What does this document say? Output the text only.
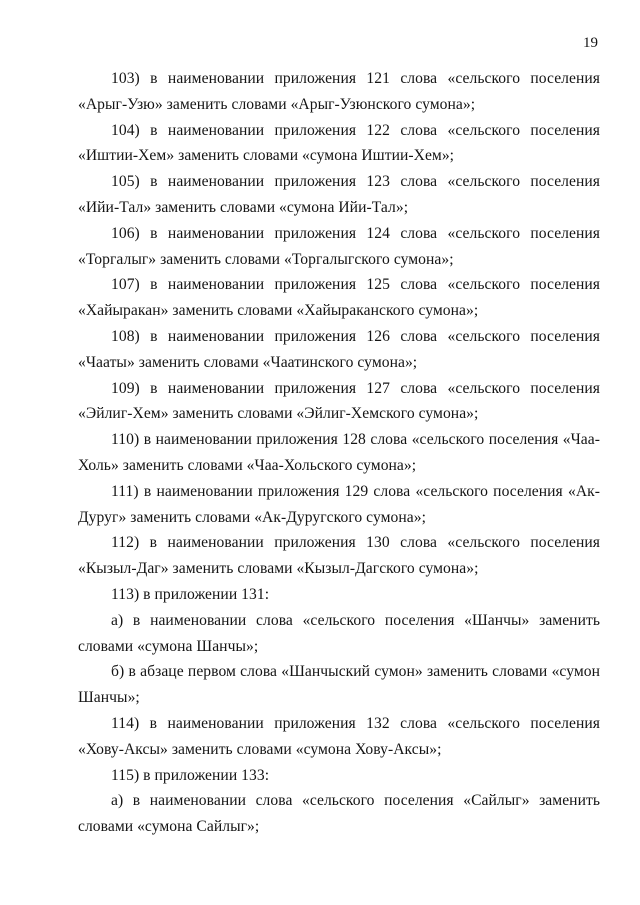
19

103) в наименовании приложения 121 слова «сельского поселения «Арыг-Узю» заменить словами «Арыг-Узюнского сумона»;

104) в наименовании приложения 122 слова «сельского поселения «Иштии-Хем» заменить словами «сумона Иштии-Хем»;

105) в наименовании приложения 123 слова «сельского поселения «Ийи-Тал» заменить словами «сумона Ийи-Тал»;

106) в наименовании приложения 124 слова «сельского поселения «Торгалыг» заменить словами «Торгалыгского сумона»;

107) в наименовании приложения 125 слова «сельского поселения «Хайыракан» заменить словами «Хайыраканского сумона»;

108) в наименовании приложения 126 слова «сельского поселения «Чааты» заменить словами «Чаатинского сумона»;

109) в наименовании приложения 127 слова «сельского поселения «Эйлиг-Хем» заменить словами «Эйлиг-Хемского сумона»;

110) в наименовании приложения 128 слова «сельского поселения «Чаа-Холь» заменить словами «Чаа-Хольского сумона»;

111) в наименовании приложения 129 слова «сельского поселения «Ак-Дуруг» заменить словами «Ак-Дуругского сумона»;

112) в наименовании приложения 130 слова «сельского поселения «Кызыл-Даг» заменить словами «Кызыл-Дагского сумона»;

113) в приложении 131:

а) в наименовании слова «сельского поселения «Шанчы» заменить словами «сумона Шанчы»;

б) в абзаце первом слова «Шанчыский сумон» заменить словами «сумон Шанчы»;

114) в наименовании приложения 132 слова «сельского поселения «Хову-Аксы» заменить словами «сумона Хову-Аксы»;

115) в приложении 133:

а) в наименовании слова «сельского поселения «Сайлыг» заменить словами «сумона Сайлыг»;
